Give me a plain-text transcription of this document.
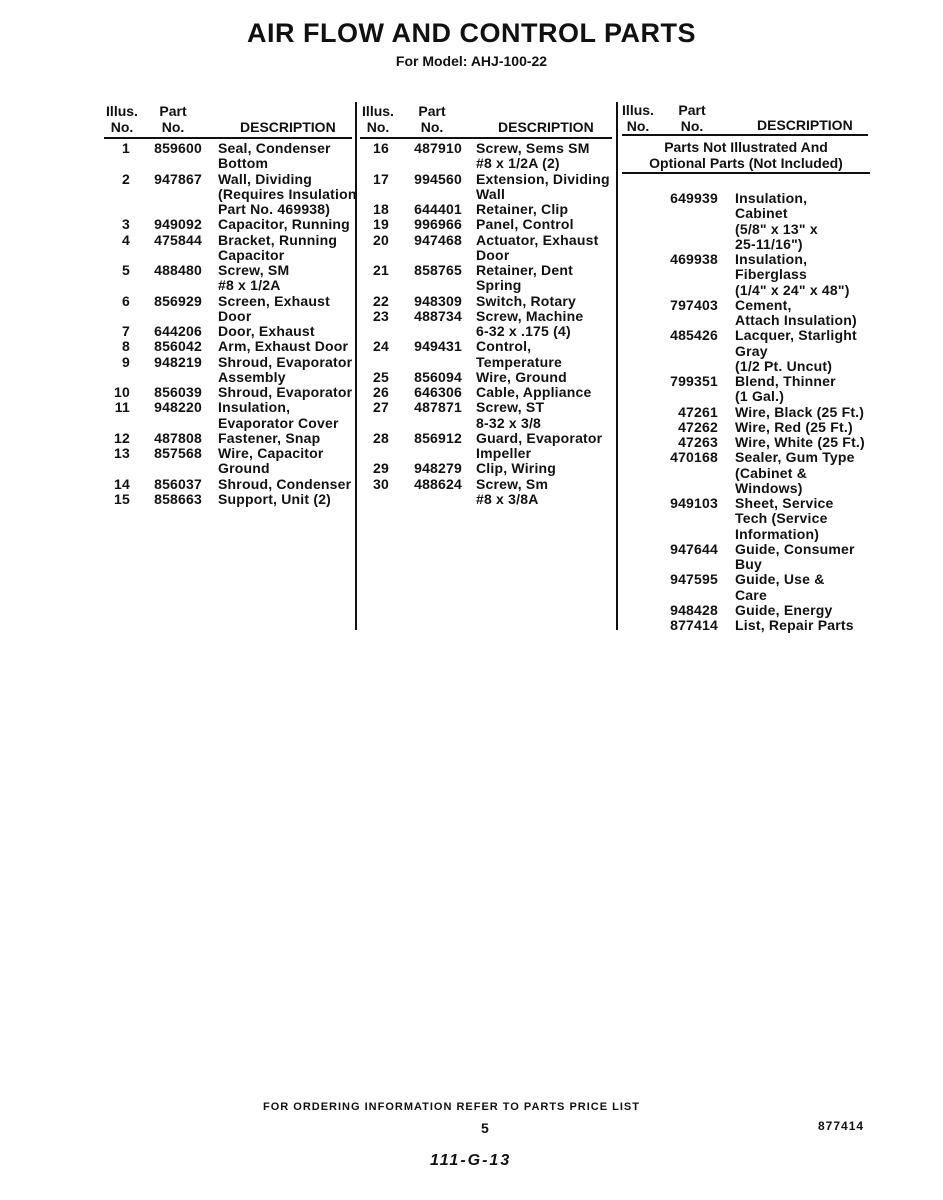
AIR FLOW AND CONTROL PARTS
For Model: AHJ-100-22
Illus.
No.
Part
No.	DESCRIPTION
Illus.
No.
Part
No.	DESCRIPTION
Illus.
No.
Part
No.	DESCRIPTION
Parts Not Illustrated And
Optional Parts (Not Included)
1	859600 Seal, Condenser
Bottom
2	947867 Wall, Dividing
(Requires Insulation
Part No. 469938)
3	949092 Capacitor, Running
4	475844 Bracket, Running
Capacitor
5	488480 Screw, SM
#8 x 1/2A
6	856929 Screen, Exhaust
Door
7	644206 Door, Exhaust
8	856042 Arm, Exhaust Door
9	948219 Shroud, Evaporator
Assembly
10	856039 Shroud, Evaporator
11	948220 Insulation,
Evaporator Cover
12	487808 Fastener, Snap
13	857568 Wire, Capacitor
Ground
14	856037 Shroud, Condenser
15	858663 Support, Unit (2)
16	487910 Screw, Sems SM
#8 x 1/2A (2)
17	994560 Extension, Dividing
Wall
18	644401 Retainer, Clip
19	996966 Panel, Control
20	947468 Actuator, Exhaust
Door
21	858765 Retainer, Dent
Spring
22	948309 Switch, Rotary
23	488734 Screw, Machine
6-32 x .175 (4)
24	949431 Control,
Temperature
25	856094 Wire, Ground
26	646306 Cable, Appliance
27	487871 Screw, ST
8-32 x 3/8
28	856912 Guard, Evaporator
Impeller
29	948279 Clip, Wiring
30	488624 Screw, Sm
#8 x 3/8A
649939 Insulation,
Cabinet
(5/8" x 13" x
25-11/16")
469938 Insulation,
Fiberglass
(1/4" x 24" x 48")
797403 Cement,
Attach Insulation)
485426 Lacquer, Starlight
Gray
(1/2 Pt. Uncut)
799351 Blend, Thinner
(1 Gal.)
47261 Wire, Black (25 Ft.)
47262 Wire, Red (25 Ft.)
47263 Wire, White (25 Ft.)
470168 Sealer, Gum Type
(Cabinet &
Windows)
949103 Sheet, Service
Tech (Service
Information)
947644 Guide, Consumer
Buy
947595 Guide, Use &
Care
948428 Guide, Energy
877414 List, Repair Parts
FOR ORDERING INFORMATION REFER TO PARTS PRICE LIST
5	877414
111-G-13
